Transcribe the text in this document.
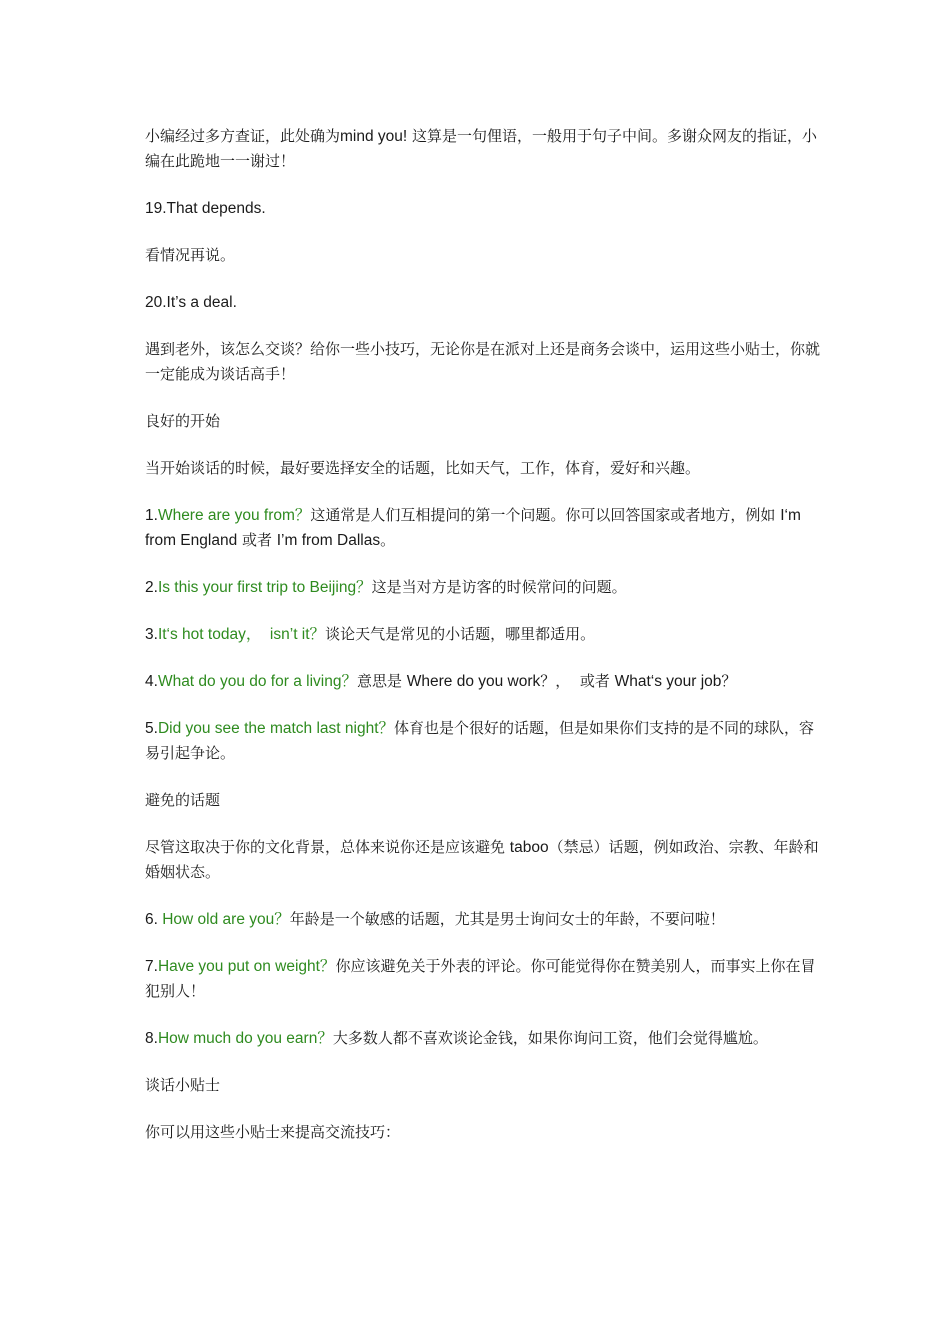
小编经过多方查证，此处确为mind you! 这算是一句俚语，一般用于句子中间。多谢众网友的指证，小编在此跪地一一谢过！

19.That depends.

看情况再说。

20.It’s a deal.

遇到老外，该怎么交谈？给你一些小技巧，无论你是在派对上还是商务会谈中，运用这些小贴士，你就一定能成为谈话高手！

良好的开始

当开始谈话的时候，最好要选择安全的话题，比如天气，工作，体育，爱好和兴趣。

1.Where are you from？这通常是人们互相提问的第一个问题。你可以回答国家或者地方，例如 I‘m from England 或者 I’m from Dallas。

2.Is this your first trip to Beijing？这是当对方是访客的时候常问的问题。

3.It‘s hot today，  isn’t it？谈论天气是常见的小话题，哪里都适用。

4.What do you do for a living？意思是 Where do you work？，  或者 What‘s your job？

5.Did you see the match last night？体育也是个很好的话题，但是如果你们支持的是不同的球队，容易引起争论。

避免的话题

尽管这取决于你的文化背景，总体来说你还是应该避免 taboo（禁忌）话题，例如政治、宗教、年龄和婚姻状态。

6. How old are you？年龄是一个敏感的话题，尤其是男士询问女士的年龄，不要问啦！

7.Have you put on weight？你应该避免关于外表的评论。你可能觉得你在赞美别人，而事实上你在冒犯别人！

8.How much do you earn？大多数人都不喜欢谈论金钱，如果你询问工资，他们会觉得尴尬。

谈话小贴士

你可以用这些小贴士来提高交流技巧：
